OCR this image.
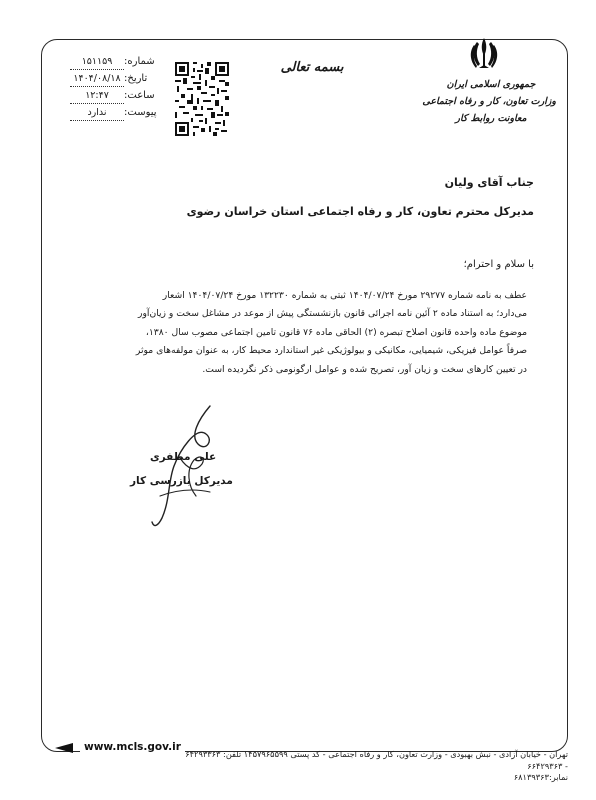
جمهوری اسلامی ایران
وزارت تعاون، کار و رفاه اجتماعی
معاونت روابط کار
بسمه تعالی
۱۵۱۱۵۹	شماره:
۱۴۰۴/۰۸/۱۸ تاریخ:
۱۲:۴۷	ساعت:
ندارد	پیوست:
جناب آقای ولیان
مدیرکل محترم تعاون، کار و رفاه اجتماعی استان خراسان رضوی
با سلام و احترام؛

عطف به نامه شماره ۲۹۲۷۷ مورخ ۱۴۰۴/۰۷/۲۴ ثبتی به شماره ۱۳۲۲۳۰ مورخ ۱۴۰۴/۰۷/۲۴ اشعار

می‌دارد؛ به استناد ماده ۲ آئین نامه اجرائی قانون بازنشستگی پیش از موعد در مشاغل سخت و زیان‌آور

موضوع ماده واحده قانون اصلاح تبصره (۲) الحاقی ماده ۷۶ قانون تامین اجتماعی مصوب سال ۱۳۸۰،

صرفاً عوامل فیزیکی، شیمیایی، مکانیکی و بیولوژیکی غیر استاندارد محیط کار، به عنوان مولفه‌های موثر

در تعیین کارهای سخت و زیان آور، تصریح شده و عوامل ارگونومی ذکر نگردیده است.

علی مظفری
مدیرکل بازرسی کار
www.mcls.gov.ir
تهران - خیابان آزادی - نبش بهبودی - وزارت تعاون، کار و رفاه اجتماعی - کد پستی ۱۴۵۷۹۶۵۵۹۹ تلفن: ۶۴۲۹۳۳۶۳
- ۶۶۴۲۹۳۶۳
نمابر:۶۸۱۳۹۳۶۳
